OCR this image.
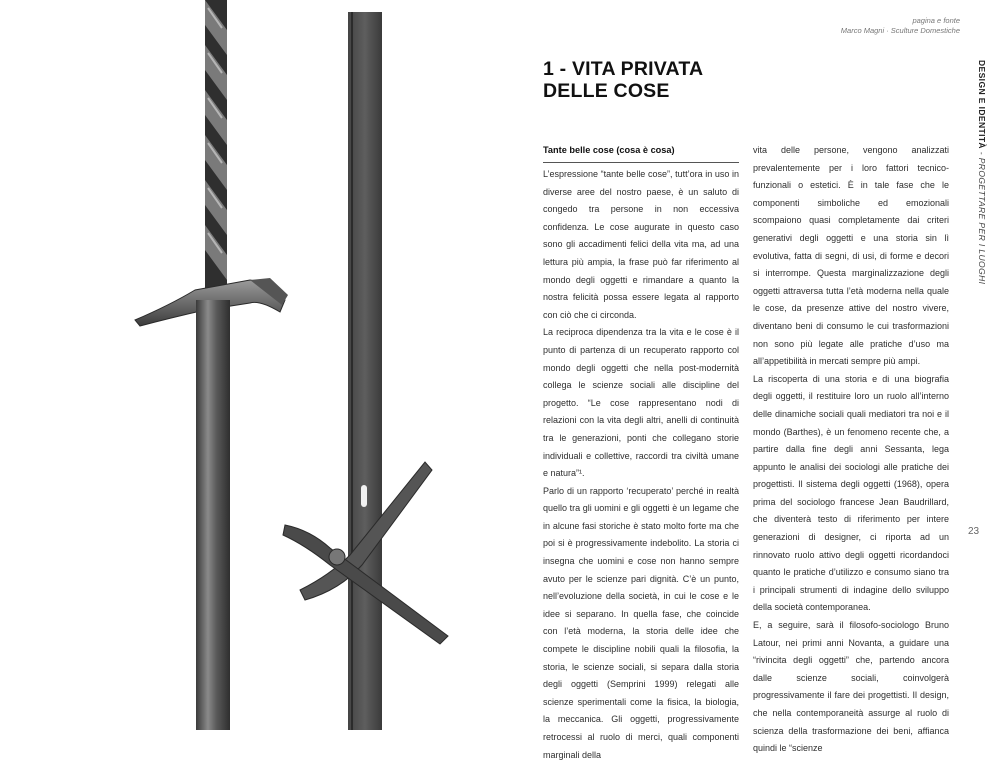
pagina e fonte
Marco Magni · Sculture Domestiche
1 - VITA PRIVATA
DELLE COSE	DESIGN E IDENTITÀ - PROGETTARE PER I LUOGHI
23
Tante belle cose (cosa è cosa)

L’espressione “tante belle cose”, tutt’ora in uso in diverse aree del nostro paese, è un saluto di congedo tra persone in non eccessiva confidenza. Le cose augurate in questo caso sono gli accadimenti felici della vita ma, ad una lettura più ampia, la frase può far riferimento al mondo degli oggetti e rimandare a quanto la nostra felicità possa essere legata al rapporto con ciò che ci circonda.

La reciproca dipendenza tra la vita e le cose è il punto di partenza di un recuperato rapporto col mondo degli oggetti che nella post-modernità collega le scienze sociali alle discipline del progetto. “Le cose rappresentano nodi di relazioni con la vita degli altri, anelli di continuità tra le generazioni, ponti che collegano storie individuali e collettive, raccordi tra civiltà umane e natura”¹.

Parlo di un rapporto ‘recuperato’ perché in realtà quello tra gli uomini e gli oggetti è un legame che in alcune fasi storiche è stato molto forte ma che poi si è progressivamente indebolito. La storia ci insegna che uomini e cose non hanno sempre avuto per le scienze pari dignità. C’è un punto, nell’evoluzione della società, in cui le cose e le idee si separano. In quella fase, che coincide con l’età moderna, la storia delle idee che compete le discipline nobili quali la filosofia, la storia, le scienze sociali, si separa dalla storia degli oggetti (Semprini 1999) relegati alle scienze sperimentali come la fisica, la biologia, la meccanica. Gli oggetti, progressivamente retrocessi al ruolo di merci, quali componenti marginali della

vita delle persone, vengono analizzati prevalentemente per i loro fattori tecnico-funzionali o estetici. È in tale fase che le componenti simboliche ed emozionali scompaiono quasi completamente dai criteri generativi degli oggetti e una storia sin lì evolutiva, fatta di segni, di usi, di forme e decori si interrompe. Questa marginalizzazione degli oggetti attraversa tutta l’età moderna nella quale le cose, da presenze attive del nostro vivere, diventano beni di consumo le cui trasformazioni non sono più legate alle pratiche d’uso ma all’appetibilità in mercati sempre più ampi.

La riscoperta di una storia e di una biografia degli oggetti, il restituire loro un ruolo all’interno delle dinamiche sociali quali mediatori tra noi e il mondo (Barthes), è un fenomeno recente che, a partire dalla fine degli anni Sessanta, lega appunto le analisi dei sociologi alle pratiche dei progettisti. Il sistema degli oggetti (1968), opera prima del sociologo francese Jean Baudrillard, che diventerà testo di riferimento per intere generazioni di designer, ci riporta ad un rinnovato ruolo attivo degli oggetti ricordandoci quanto le pratiche d’utilizzo e consumo siano tra i principali strumenti di indagine dello sviluppo della società contemporanea.

E, a seguire, sarà il filosofo-sociologo Bruno Latour, nei primi anni Novanta, a guidare una “rivincita degli oggetti” che, partendo ancora dalle scienze sociali, coinvolgerà progressivamente il fare dei progettisti. Il design, che nella contemporaneità assurge al ruolo di scienza della trasformazione dei beni, affianca quindi le “scienze
